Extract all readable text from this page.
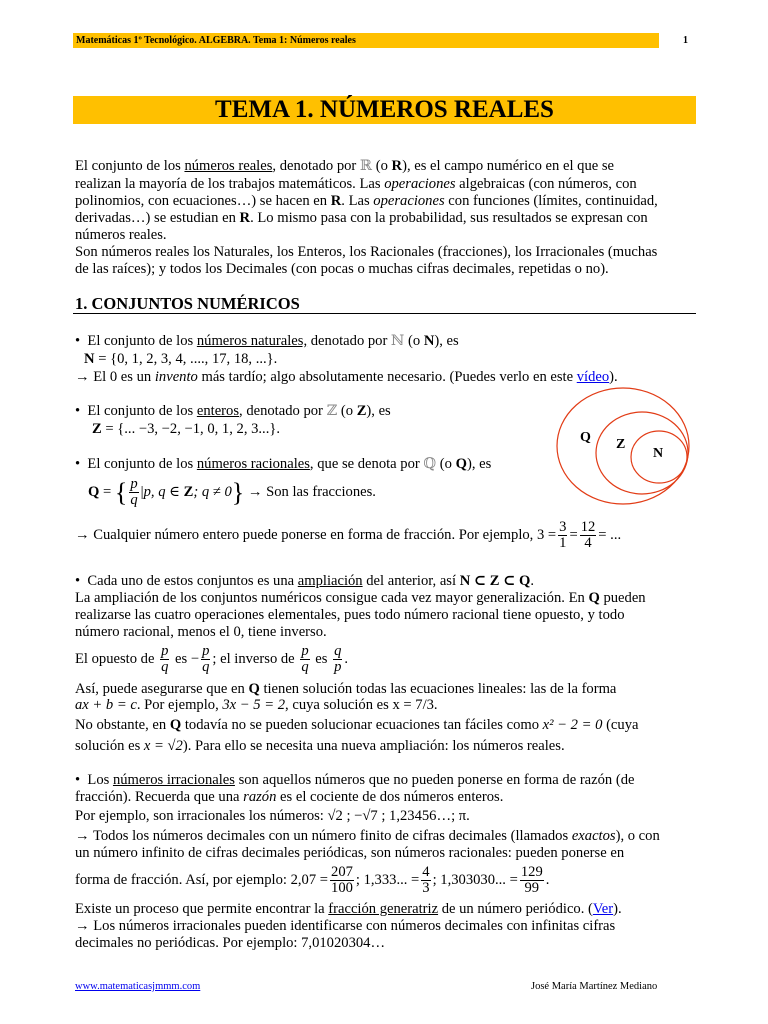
Matemáticas 1º Tecnológico. ALGEBRA. Tema 1: Números reales	1
TEMA 1. NÚMEROS REALES
El conjunto de los números reales, denotado por ℝ (o R), es el campo numérico en el que se
realizan la mayoría de los trabajos matemáticos. Las operaciones algebraicas (con números, con
polinomios, con ecuaciones…) se hacen en R. Las operaciones con funciones (límites, continuidad,
derivadas…) se estudian en R. Lo mismo pasa con la probabilidad, sus resultados se expresan con
números reales.
Son números reales los Naturales, los Enteros, los Racionales (fracciones), los Irracionales (muchas
de las raíces); y todos los Decimales (con pocas o muchas cifras decimales, repetidas o no).
1. CONJUNTOS NUMÉRICOS
•  El conjunto de los números naturales, denotado por ℕ (o N), es
N = {0, 1, 2, 3, 4, ...., 17, 18, ...}.
→ El 0 es un invento más tardío; algo absolutamente necesario. (Puedes verlo en este vídeo).
•  El conjunto de los enteros, denotado por ℤ (o Z), es
Z = {... −3, −2, −1, 0, 1, 2, 3...}.
•  El conjunto de los números racionales, que se denota por ℚ (o Q), es
Q = { $\frac{p}{q} |p$, q ∈ Z; q ≠ 0} → Son las fracciones.
→ Cualquier número entero puede ponerse en forma de fracción. Por ejemplo, $3 = \frac{3}{1} = \frac{12}{4}$ = ...
Q Z
N
•  Cada uno de estos conjuntos es una ampliación del anterior, así N ⊂ Z ⊂ Q.
La ampliación de los conjuntos numéricos consigue cada vez mayor generalización. En Q pueden
realizarse las cuatro operaciones elementales, pues todo número racional tiene opuesto, y todo
número racional, menos el 0, tiene inverso.
El opuesto de $\frac{p}{q}$ es − $\frac{p}{q}$ ; el inverso de $\frac{p}{q}$ es $\frac{q}{p}$ .
Así, puede asegurarse que en Q tienen solución todas las ecuaciones lineales: las de la forma
ax + b = c. Por ejemplo, 3x − 5 = 2, cuya solución es x = 7/3.
No obstante, en Q todavía no se pueden solucionar ecuaciones tan fáciles como x² − 2 = 0 (cuya
solución es x = √2). Para ello se necesita una nueva ampliación: los números reales.
•  Los números irracionales son aquellos números que no pueden ponerse en forma de razón (de
fracción). Recuerda que una razón es el cociente de dos números enteros.
Por ejemplo, son irracionales los números: √2 ; −√7 ; 1,23456…; π.
→ Todos los números decimales con un número finito de cifras decimales (llamados exactos), o con
un número infinito de cifras decimales periódicas, son números racionales: pueden ponerse en
forma de fracción. Así, por ejemplo: $2,07 = \frac{207}{100}$ ; 1,333... = $\frac{4}{3}$ ; 1,303030... = $\frac{129}{99}$ .
Existe un proceso que permite encontrar la fracción generatriz de un número periódico. (Ver).
→ Los números irracionales pueden identificarse con números decimales con infinitas cifras
decimales no periódicas. Por ejemplo: 7,01020304…
www.matematicasjmmm.com	José María Martínez Mediano
